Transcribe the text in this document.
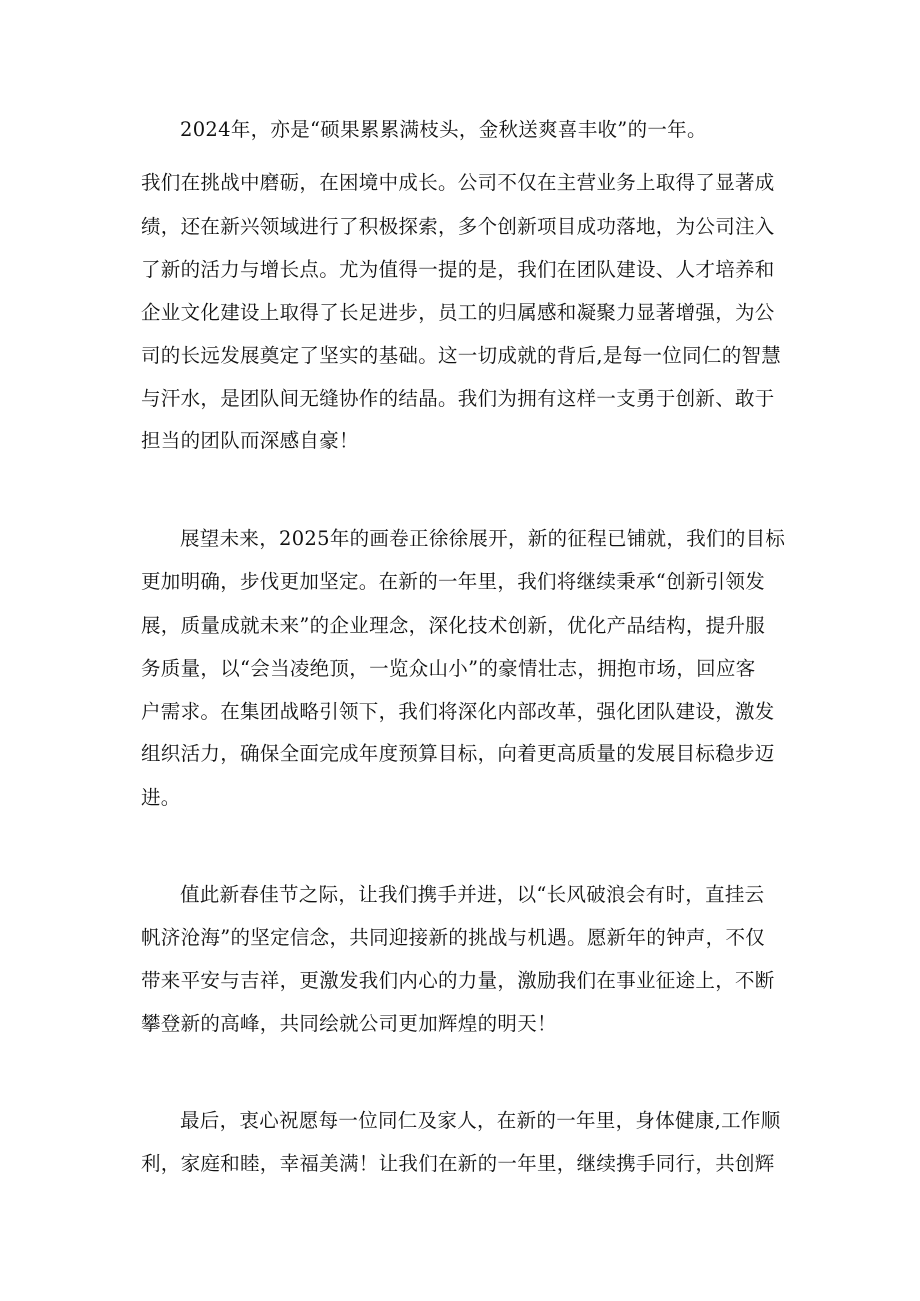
2024年，亦是“硕果累累满枝头，金秋送爽喜丰收”的一年。
我们在挑战中磨砺，在困境中成长。公司不仅在主营业务上取得了显著成
绩，还在新兴领域进行了积极探索，多个创新项目成功落地，为公司注入
了新的活力与增长点。尤为值得一提的是，我们在团队建设、人才培养和
企业文化建设上取得了长足进步，员工的归属感和凝聚力显著增强，为公
司的长远发展奠定了坚实的基础。这一切成就的背后,是每一位同仁的智慧
与汗水，是团队间无缝协作的结晶。我们为拥有这样一支勇于创新、敢于
担当的团队而深感自豪！
展望未来，2025年的画卷正徐徐展开，新的征程已铺就，我们的目标
更加明确，步伐更加坚定。在新的一年里，我们将继续秉承“创新引领发
展，质量成就未来”的企业理念，深化技术创新，优化产品结构，提升服
务质量，以“会当凌绝顶，一览众山小”的豪情壮志，拥抱市场，回应客
户需求。在集团战略引领下，我们将深化内部改革，强化团队建设，激发
组织活力，确保全面完成年度预算目标，向着更高质量的发展目标稳步迈
进。
值此新春佳节之际，让我们携手并进，以“长风破浪会有时，直挂云
帆济沧海”的坚定信念，共同迎接新的挑战与机遇。愿新年的钟声，不仅
带来平安与吉祥，更激发我们内心的力量，激励我们在事业征途上，不断
攀登新的高峰，共同绘就公司更加辉煌的明天！
最后，衷心祝愿每一位同仁及家人，在新的一年里，身体健康,工作顺
利，家庭和睦，幸福美满！让我们在新的一年里，继续携手同行，共创辉
